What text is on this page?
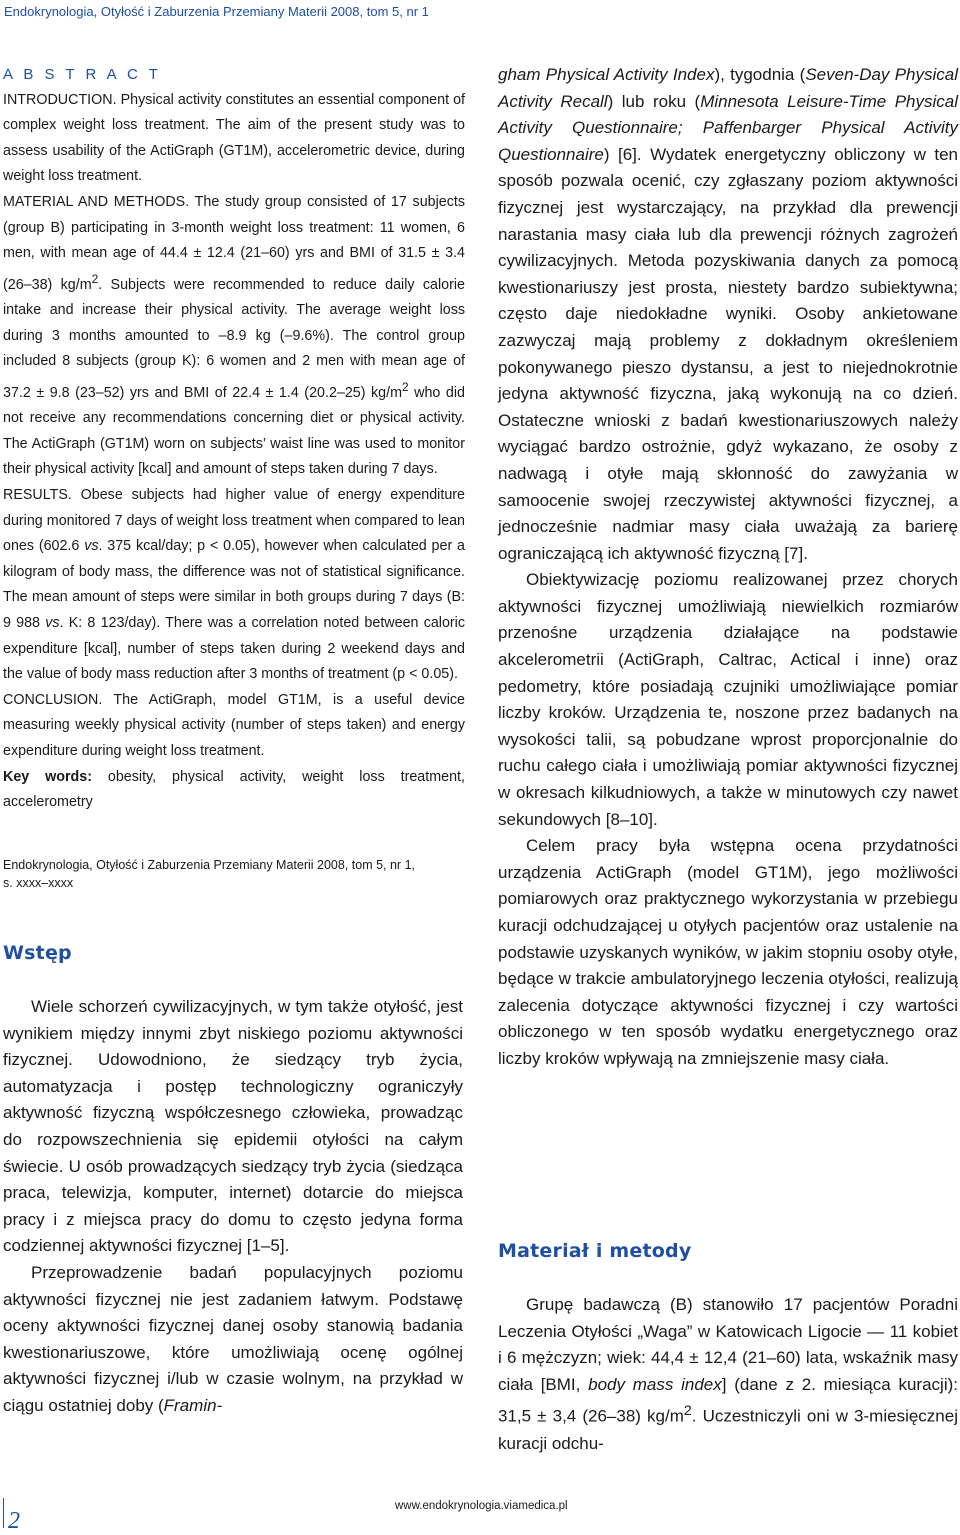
Endokrynologia, Otyłość i Zaburzenia Przemiany Materii 2008, tom 5, nr 1
A B S T R A C T

INTRODUCTION. Physical activity constitutes an essential component of complex weight loss treatment. The aim of the present study was to assess usability of the ActiGraph (GT1M), accelerometric device, during weight loss treatment.
MATERIAL AND METHODS. The study group consisted of 17 subjects (group B) participating in 3-month weight loss treatment: 11 women, 6 men, with mean age of 44.4 ± 12.4 (21–60) yrs and BMI of 31.5 ± 3.4 (26–38) $kg/m^2$. Subjects were recommended to reduce daily calorie intake and increase their physical activity. The average weight loss during 3 months amounted to –8.9 kg (–9.6%). The control group included 8 subjects (group K): 6 women and 2 men with mean age of 37.2 ± 9.8 (23–52) yrs and BMI of 22.4 ± 1.4 (20.2–25) $kg/m^2$ who did not receive any recommendations concerning diet or physical activity. The ActiGraph (GT1M) worn on subjects’ waist line was used to monitor their physical activity [kcal] and amount of steps taken during 7 days.
RESULTS. Obese subjects had higher value of energy expenditure during monitored 7 days of weight loss treatment when compared to lean ones (602.6 vs. 375 kcal/day; p < 0.05), however when calculated per a kilogram of body mass, the difference was not of statistical significance. The mean amount of steps were similar in both groups during 7 days (B: 9 988 vs. K: 8 123/day). There was a correlation noted between caloric expenditure [kcal], number of steps taken during 2 weekend days and the value of body mass reduction after 3 months of treatment (p < 0.05).
CONCLUSION. The ActiGraph, model GT1M, is a useful device measuring weekly physical activity (number of steps taken) and energy expenditure during weight loss treatment.

Key words: obesity, physical activity, weight loss treatment, accelerometry

Endokrynologia, Otyłość i Zaburzenia Przemiany Materii 2008, tom 5, nr 1,
s. xxxx–xxxx
Wstęp

Wiele schorzeń cywilizacyjnych, w tym także otyłość, jest wynikiem między innymi zbyt niskiego poziomu aktywności fizycznej. Udowodniono, że siedzący tryb życia, automatyzacja i postęp technologiczny ograniczyły aktywność fizyczną współczesnego człowieka, prowadząc do rozpowszechnienia się epidemii otyłości na całym świecie. U osób prowadzących siedzący tryb życia (siedząca praca, telewizja, komputer, internet) dotarcie do miejsca pracy i z miejsca pracy do domu to często jedyna forma codziennej aktywności fizycznej [1–5].

Przeprowadzenie badań populacyjnych poziomu aktywności fizycznej nie jest zadaniem łatwym. Podstawę oceny aktywności fizycznej danej osoby stanowią badania kwestionariuszowe, które umożliwiają ocenę ogólnej aktywności fizycznej i/lub w czasie wolnym, na przykład w ciągu ostatniej doby (Framin-

gham Physical Activity Index), tygodnia (Seven-Day Physical Activity Recall) lub roku (Minnesota Leisure-Time Physical Activity Questionnaire; Paffenbarger Physical Activity Questionnaire) [6]. Wydatek energetyczny obliczony w ten sposób pozwala ocenić, czy zgłaszany poziom aktywności fizycznej jest wystarczający, na przykład dla prewencji narastania masy ciała lub dla prewencji różnych zagrożeń cywilizacyjnych. Metoda pozyskiwania danych za pomocą kwestionariuszy jest prosta, niestety bardzo subiektywna; często daje niedokładne wyniki. Osoby ankietowane zazwyczaj mają problemy z dokładnym określeniem pokonywanego pieszo dystansu, a jest to niejednokrotnie jedyna aktywność fizyczna, jaką wykonują na co dzień. Ostateczne wnioski z badań kwestionariuszowych należy wyciągać bardzo ostrożnie, gdyż wykazano, że osoby z nadwagą i otyłe mają skłonność do zawyżania w samoocenie swojej rzeczywistej aktywności fizycznej, a jednocześnie nadmiar masy ciała uważają za barierę ograniczającą ich aktywność fizyczną [7].

Obiektywizację poziomu realizowanej przez chorych aktywności fizycznej umożliwiają niewielkich rozmiarów przenośne urządzenia działające na podstawie akcelerometrii (ActiGraph, Caltrac, Actical i inne) oraz pedometry, które posiadają czujniki umożliwiające pomiar liczby kroków. Urządzenia te, noszone przez badanych na wysokości talii, są pobudzane wprost proporcjonalnie do ruchu całego ciała i umożliwiają pomiar aktywności fizycznej w okresach kilkudniowych, a także w minutowych czy nawet sekundowych [8–10].

Celem pracy była wstępna ocena przydatności urządzenia ActiGraph (model GT1M), jego możliwości pomiarowych oraz praktycznego wykorzystania w przebiegu kuracji odchudzającej u otyłych pacjentów oraz ustalenie na podstawie uzyskanych wyników, w jakim stopniu osoby otyłe, będące w trakcie ambulatoryjnego leczenia otyłości, realizują zalecenia dotyczące aktywności fizycznej i czy wartości obliczonego w ten sposób wydatku energetycznego oraz liczby kroków wpływają na zmniejszenie masy ciała.

Materiał i metody

Grupę badawczą (B) stanowiło 17 pacjentów Poradni Leczenia Otyłości „Waga” w Katowicach Ligocie — 11 kobiet i 6 mężczyzn; wiek: 44,4 ± 12,4 (21–60) lata, wskaźnik masy ciała [BMI, body mass index] (dane z 2. miesiąca kuracji): 31,5 ± 3,4 (26–38) $kg/m^2$. Uczestniczyli oni w 3-miesięcznej kuracji odchu-

2
www.endokrynologia.viamedica.pl
